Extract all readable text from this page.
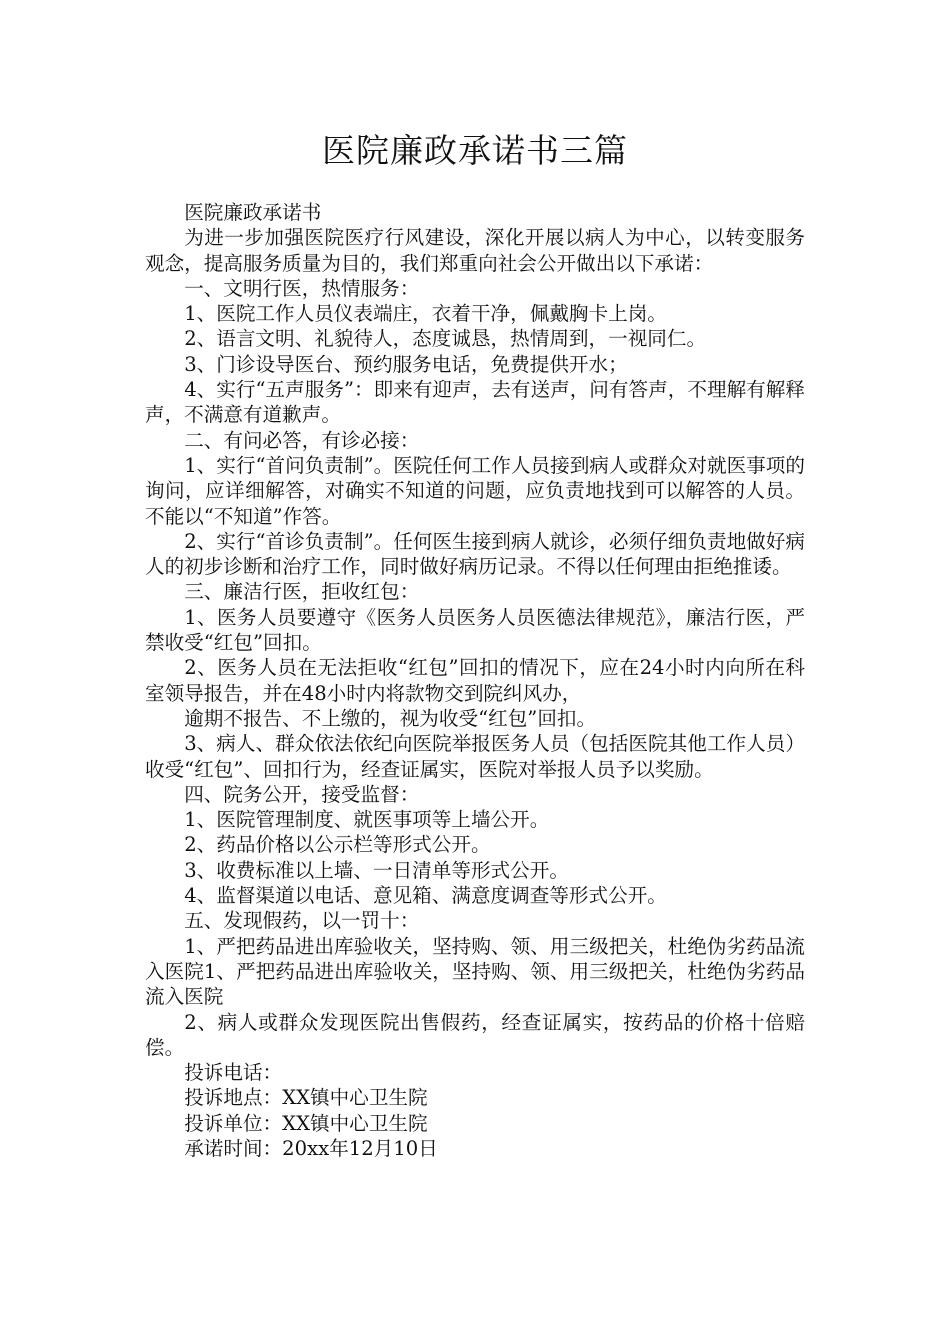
医院廉政承诺书三篇

医院廉政承诺书

为进一步加强医院医疗行风建设，深化开展以病人为中心，以转变服务观念，提高服务质量为目的，我们郑重向社会公开做出以下承诺：

一、文明行医，热情服务：

1、医院工作人员仪表端庄，衣着干净，佩戴胸卡上岗。

2、语言文明、礼貌待人，态度诚恳，热情周到，一视同仁。

3、门诊设导医台、预约服务电话，免费提供开水；

4、实行“五声服务”：即来有迎声，去有送声，问有答声，不理解有解释声，不满意有道歉声。

二、有问必答，有诊必接：

1、实行“首问负责制”。医院任何工作人员接到病人或群众对就医事项的询问，应详细解答，对确实不知道的问题，应负责地找到可以解答的人员。不能以“不知道”作答。

2、实行“首诊负责制”。任何医生接到病人就诊，必须仔细负责地做好病人的初步诊断和治疗工作，同时做好病历记录。不得以任何理由拒绝推诿。

三、廉洁行医，拒收红包：

1、医务人员要遵守《医务人员医务人员医德法律规范》，廉洁行医，严禁收受“红包”回扣。

2、医务人员在无法拒收“红包”回扣的情况下，应在24小时内向所在科室领导报告，并在48小时内将款物交到院纠风办，

逾期不报告、不上缴的，视为收受“红包”回扣。

3、病人、群众依法依纪向医院举报医务人员（包括医院其他工作人员）收受“红包”、回扣行为，经查证属实，医院对举报人员予以奖励。

四、院务公开，接受监督：

1、医院管理制度、就医事项等上墙公开。

2、药品价格以公示栏等形式公开。

3、收费标准以上墙、一日清单等形式公开。

4、监督渠道以电话、意见箱、满意度调查等形式公开。

五、发现假药，以一罚十：

1、严把药品进出库验收关，坚持购、领、用三级把关，杜绝伪劣药品流入医院1、严把药品进出库验收关，坚持购、领、用三级把关，杜绝伪劣药品流入医院

2、病人或群众发现医院出售假药，经查证属实，按药品的价格十倍赔偿。

投诉电话：

投诉地点：XX镇中心卫生院

投诉单位：XX镇中心卫生院

承诺时间：20xx年12月10日
